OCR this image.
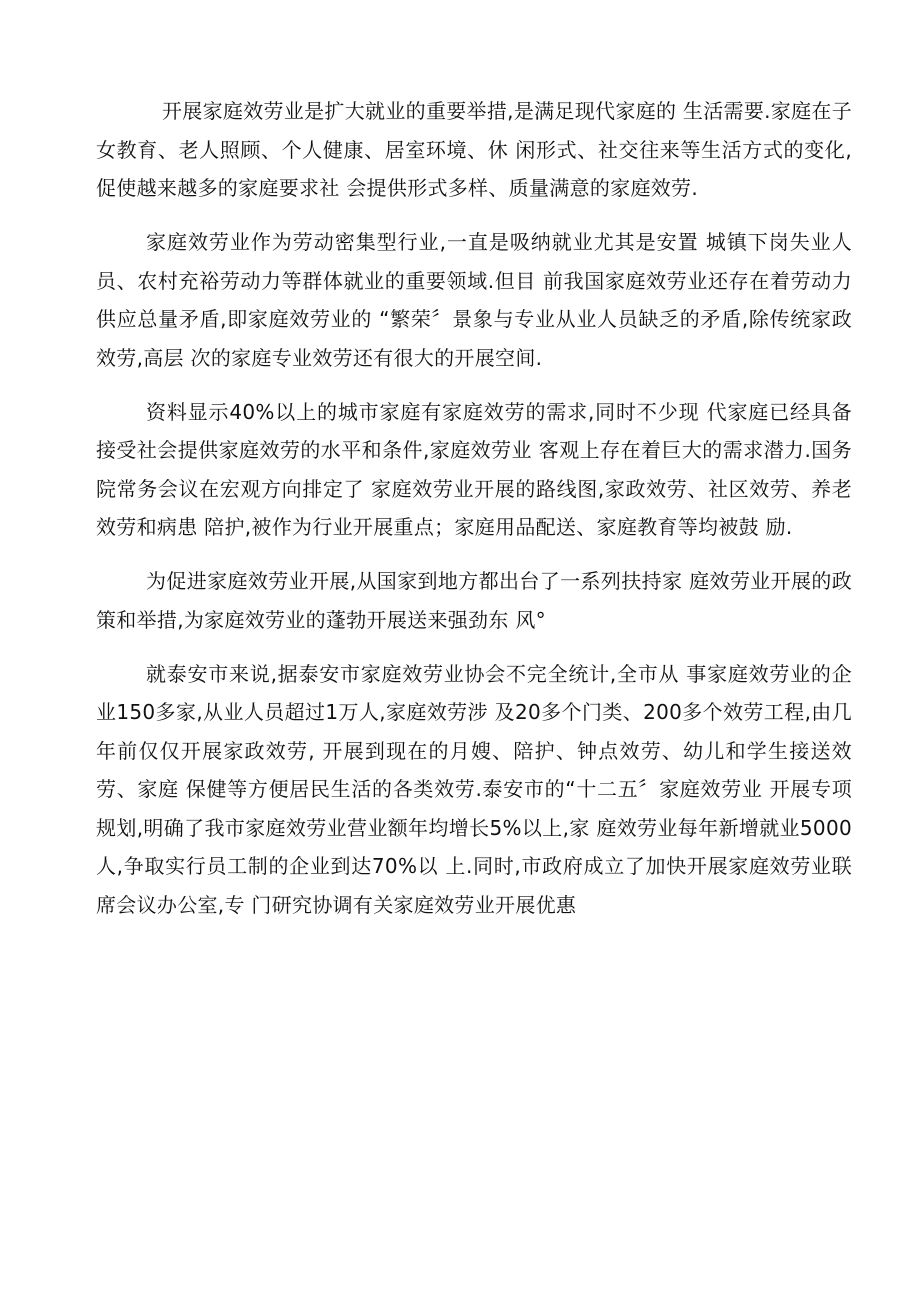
开展家庭效劳业是扩大就业的重要举措,是满足现代家庭的 生活需要.家庭在子女教育、老人照顾、个人健康、居室环境、休 闲形式、社交往来等生活方式的变化,促使越来越多的家庭要求社 会提供形式多样、质量满意的家庭效劳.

家庭效劳业作为劳动密集型行业,一直是吸纳就业尤其是安置 城镇下岗失业人员、农村充裕劳动力等群体就业的重要领域.但目 前我国家庭效劳业还存在着劳动力供应总量矛盾,即家庭效劳业的 “繁荣〞景象与专业从业人员缺乏的矛盾,除传统家政效劳,高层 次的家庭专业效劳还有很大的开展空间.

资料显示40%以上的城市家庭有家庭效劳的需求,同时不少现 代家庭已经具备接受社会提供家庭效劳的水平和条件,家庭效劳业 客观上存在着巨大的需求潜力.国务院常务会议在宏观方向排定了 家庭效劳业开展的路线图,家政效劳、社区效劳、养老效劳和病患 陪护,被作为行业开展重点；家庭用品配送、家庭教育等均被鼓 励.

为促进家庭效劳业开展,从国家到地方都出台了一系列扶持家 庭效劳业开展的政策和举措,为家庭效劳业的蓬勃开展送来强劲东 风°

就泰安市来说,据泰安市家庭效劳业协会不完全统计,全市从 事家庭效劳业的企业150多家,从业人员超过1万人,家庭效劳涉 及20多个门类、200多个效劳工程,由几年前仅仅开展家政效劳, 开展到现在的月嫂、陪护、钟点效劳、幼儿和学生接送效劳、家庭 保健等方便居民生活的各类效劳.泰安市的“十二五〞家庭效劳业 开展专项规划,明确了我市家庭效劳业营业额年均增长5%以上,家 庭效劳业每年新增就业5000人,争取实行员工制的企业到达70%以 上.同时,市政府成立了加快开展家庭效劳业联席会议办公室,专 门研究协调有关家庭效劳业开展优惠
